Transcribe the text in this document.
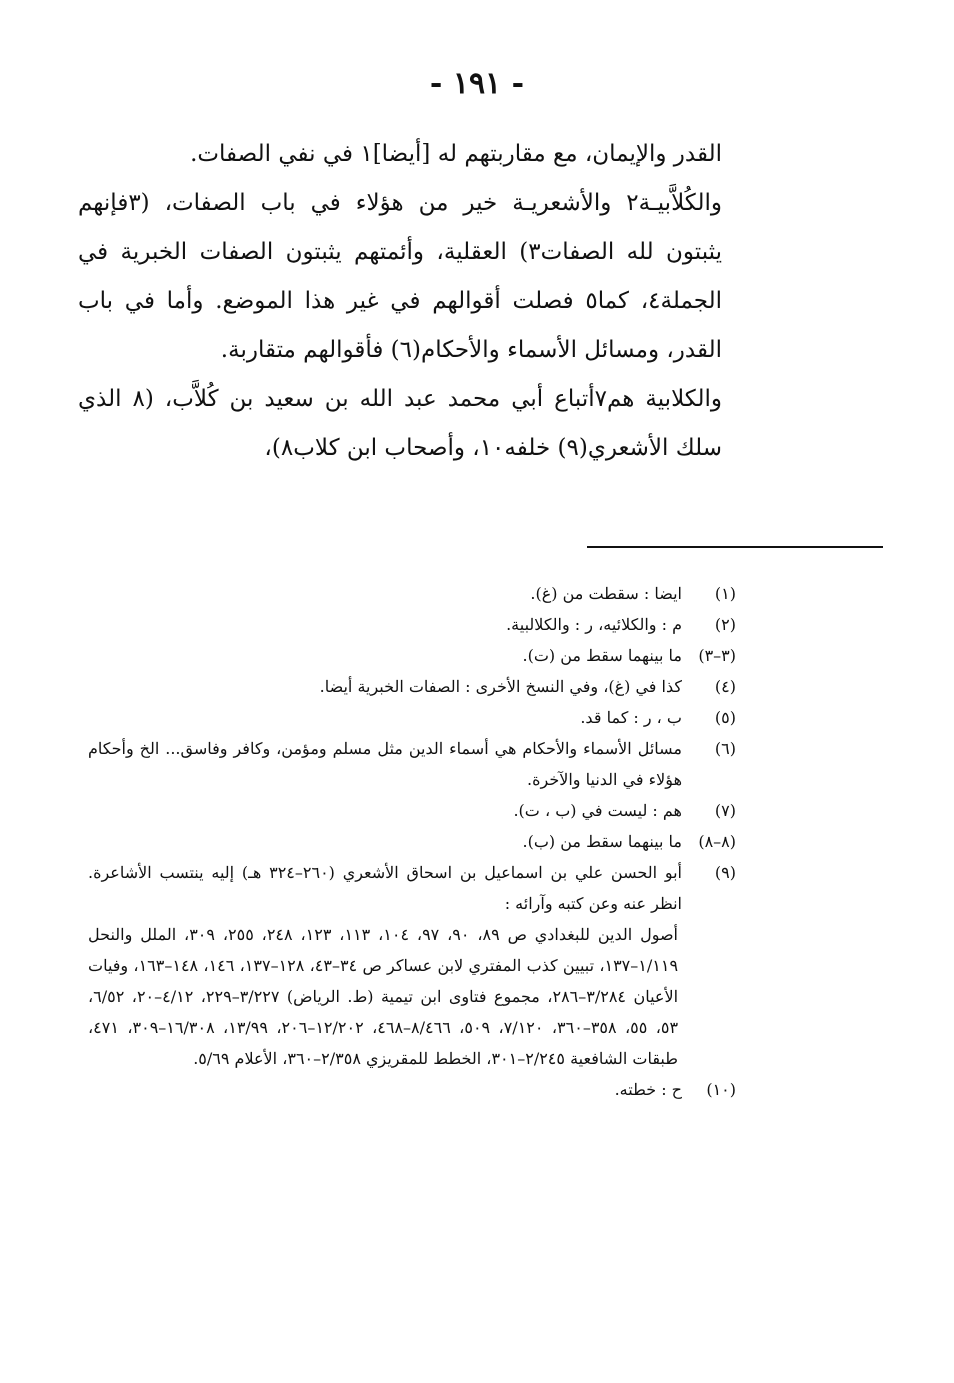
- ١٩١ -

القدر والإيمان، مع مقاربتهم له [أيضا]١ في نفي الصفات.

والكُلاَّبيـة٢ والأشعريـة خير من هؤلاء في باب الصفات، (٣فإنهم يثبتون لله الصفات٣) العقلية، وأئمتهم يثبتون الصفات الخبرية في الجملة٤، كما٥ فصلت أقوالهم في غير هذا الموضع. وأما في باب القدر، ومسائل الأسماء والأحكام(٦) فأقوالهم متقاربة.

والكلابية هم٧أتباع أبي محمد عبد الله بن سعيد بن كُلاَّب، (٨ الذي سلك الأشعري(٩) خلفه١٠، وأصحاب ابن كلاب٨)،

(١)
ايضا : سقطت من (غ).
(٢)
م : والكلائيه، ر : والكلالبية.
(٣–٣)
ما بينهما سقط من (ت).
(٤)
كذا في (غ)، وفي النسخ الأخرى : الصفات الخبرية أيضا.
(٥)
ب ، ر : كما قد.
(٦)
مسائل الأسماء والأحكام هي أسماء الدين مثل مسلم ومؤمن، وكافر وفاسق... الخ وأحكام هؤلاء في الدنيا والآخرة.
(٧)
هم : ليست في (ب ، ت).
(٨–٨)
ما بينهما سقط من (ب).
(٩)
أبو الحسن علي بن اسماعيل بن اسحاق الأشعري (٢٦٠–٣٢٤ هـ) إليه ينتسب الأشاعرة. انظر عنه وعن كتبه وآرائه :
أصول الدين للبغدادي ص ٨٩، ٩٠، ٩٧، ١٠٤، ١١٣، ١٢٣، ٢٤٨، ٢٥٥، ٣٠٩، الملل والنحل ١/١١٩–١٣٧، تبيين كذب المفتري لابن عساكر ص ٣٤–٤٣، ١٢٨–١٣٧، ١٤٦، ١٤٨–١٦٣، وفيات الأعيان ٣/٢٨٤–٢٨٦، مجموع فتاوى ابن تيمية (ط. الرياض) ٣/٢٢٧–٢٢٩، ٤/١٢–٢٠، ٦/٥٢، ٥٣، ٥٥، ٣٥٨–٣٦٠، ٧/١٢٠، ٥٠٩، ٨/٤٦٦–٤٦٨، ١٢/٢٠٢–٢٠٦، ١٣/٩٩، ١٦/٣٠٨–٣٠٩، ٤٧١، طبقات الشافعية ٢/٢٤٥–٣٠١، الخطط للمقريزي ٢/٣٥٨–٣٦٠، الأعلام ٥/٦٩.
(١٠)
ح : خطته.
